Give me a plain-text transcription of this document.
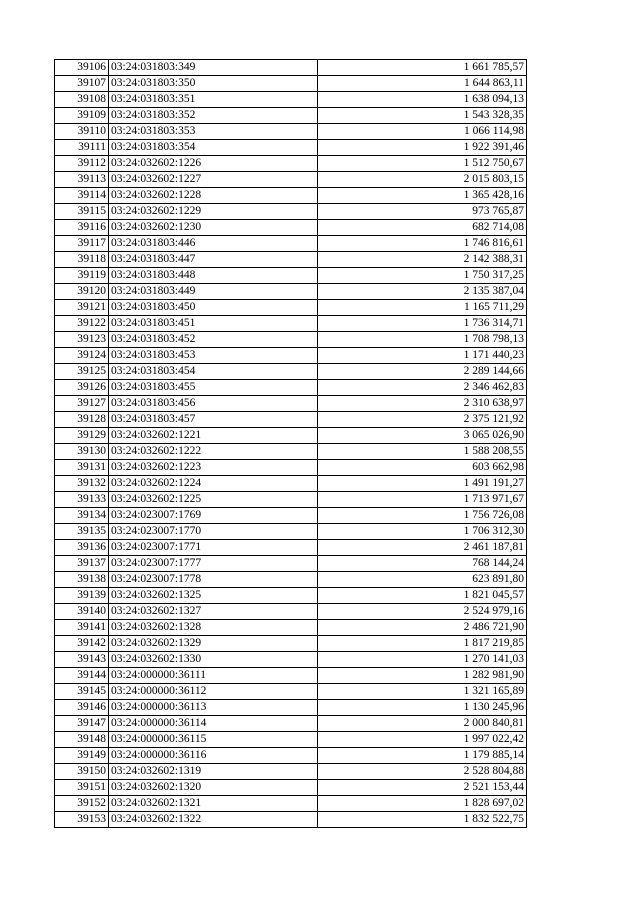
39106	03:24:031803:349	1 661 785,57
39107	03:24:031803:350	1 644 863,11
39108	03:24:031803:351	1 638 094,13
39109	03:24:031803:352	1 543 328,35
39110	03:24:031803:353	1 066 114,98
39111	03:24:031803:354	1 922 391,46
39112	03:24:032602:1226	1 512 750,67
39113	03:24:032602:1227	2 015 803,15
39114	03:24:032602:1228	1 365 428,16
39115	03:24:032602:1229	973 765,87
39116	03:24:032602:1230	682 714,08
39117	03:24:031803:446	1 746 816,61
39118	03:24:031803:447	2 142 388,31
39119	03:24:031803:448	1 750 317,25
39120	03:24:031803:449	2 135 387,04
39121	03:24:031803:450	1 165 711,29
39122	03:24:031803:451	1 736 314,71
39123	03:24:031803:452	1 708 798,13
39124	03:24:031803:453	1 171 440,23
39125	03:24:031803:454	2 289 144,66
39126	03:24:031803:455	2 346 462,83
39127	03:24:031803:456	2 310 638,97
39128	03:24:031803:457	2 375 121,92
39129	03:24:032602:1221	3 065 026,90
39130	03:24:032602:1222	1 588 208,55
39131	03:24:032602:1223	603 662,98
39132	03:24:032602:1224	1 491 191,27
39133	03:24:032602:1225	1 713 971,67
39134	03:24:023007:1769	1 756 726,08
39135	03:24:023007:1770	1 706 312,30
39136	03:24:023007:1771	2 461 187,81
39137	03:24:023007:1777	768 144,24
39138	03:24:023007:1778	623 891,80
39139	03:24:032602:1325	1 821 045,57
39140	03:24:032602:1327	2 524 979,16
39141	03:24:032602:1328	2 486 721,90
39142	03:24:032602:1329	1 817 219,85
39143	03:24:032602:1330	1 270 141,03
39144	03:24:000000:36111	1 282 981,90
39145	03:24:000000:36112	1 321 165,89
39146	03:24:000000:36113	1 130 245,96
39147	03:24:000000:36114	2 000 840,81
39148	03:24:000000:36115	1 997 022,42
39149	03:24:000000:36116	1 179 885,14
39150	03:24:032602:1319	2 528 804,88
39151	03:24:032602:1320	2 521 153,44
39152	03:24:032602:1321	1 828 697,02
39153	03:24:032602:1322	1 832 522,75
